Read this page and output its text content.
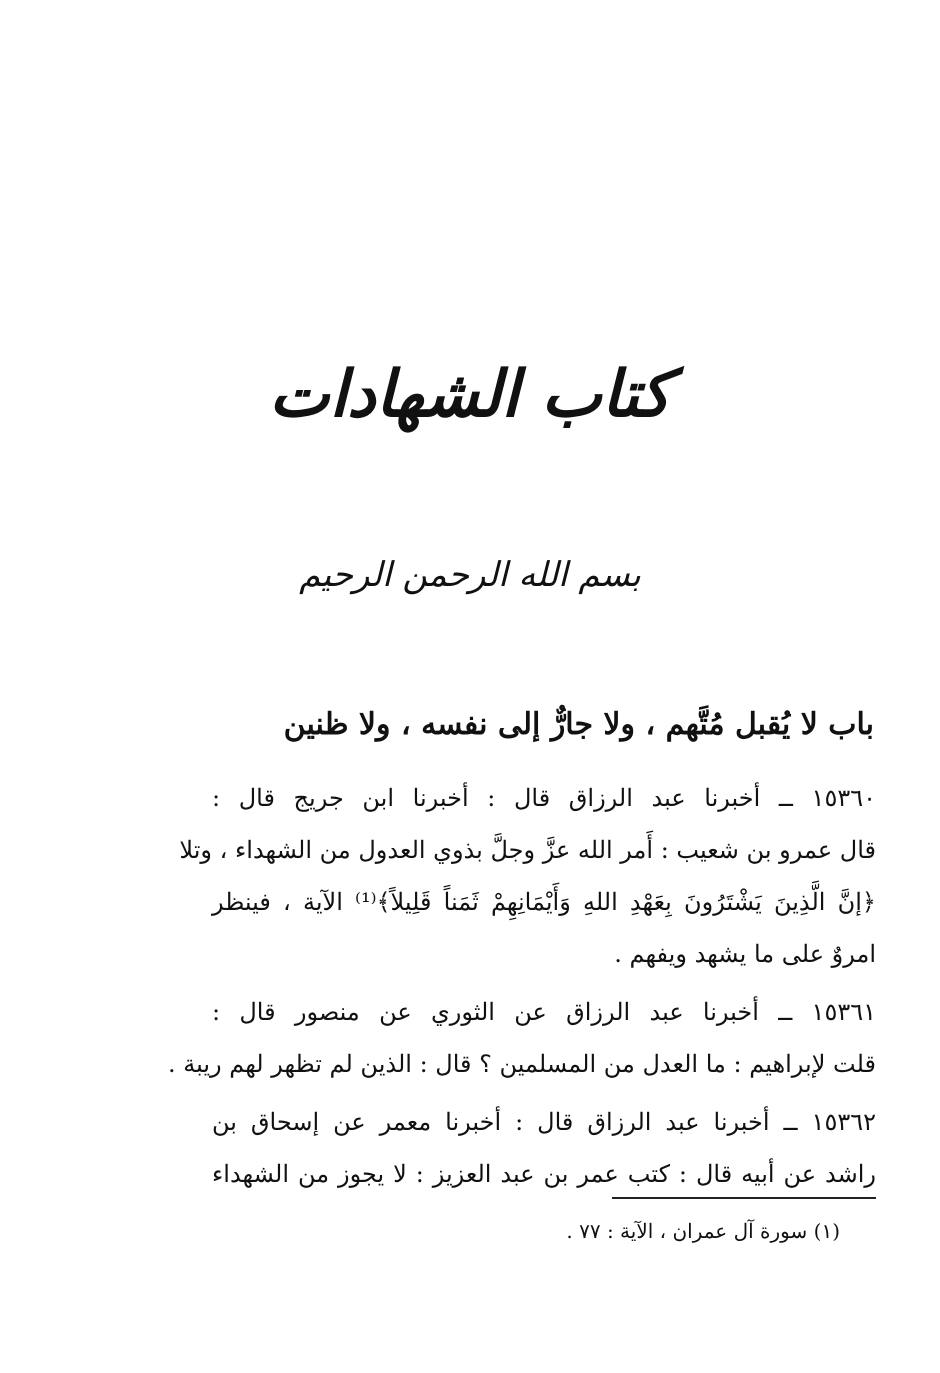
كتاب الشهادات
بسم الله الرحمن الرحيم
باب لا يُقبل مُتَّهم ، ولا جارٌّ إلى نفسه ، ولا ظنين
١٥٣٦٠ ــ أخبرنا عبد الرزاق قال : أخبرنا ابن جريج قال :
قال عمرو بن شعيب : أَمر الله عزَّ وجلَّ بذوي العدول من الشهداء ، وتلا
﴿إنَّ الَّذِينَ يَشْتَرُونَ بِعَهْدِ اللهِ وَأَيْمَانِهِمْ ثَمَناً قَلِيلاً﴾⁽¹⁾ الآية ، فينظر
امروٌ على ما يشهد ويفهم .
١٥٣٦١ ــ أخبرنا عبد الرزاق عن الثوري عن منصور قال :
قلت لإبراهيم : ما العدل من المسلمين ؟ قال : الذين لم تظهر لهم ريبة .
١٥٣٦٢ ــ أخبرنا عبد الرزاق قال : أخبرنا معمر عن إسحاق بن
راشد عن أبيه قال : كتب عمر بن عبد العزيز : لا يجوز من الشهداء
(١) سورة آل عمران ، الآية : ٧٧ .
